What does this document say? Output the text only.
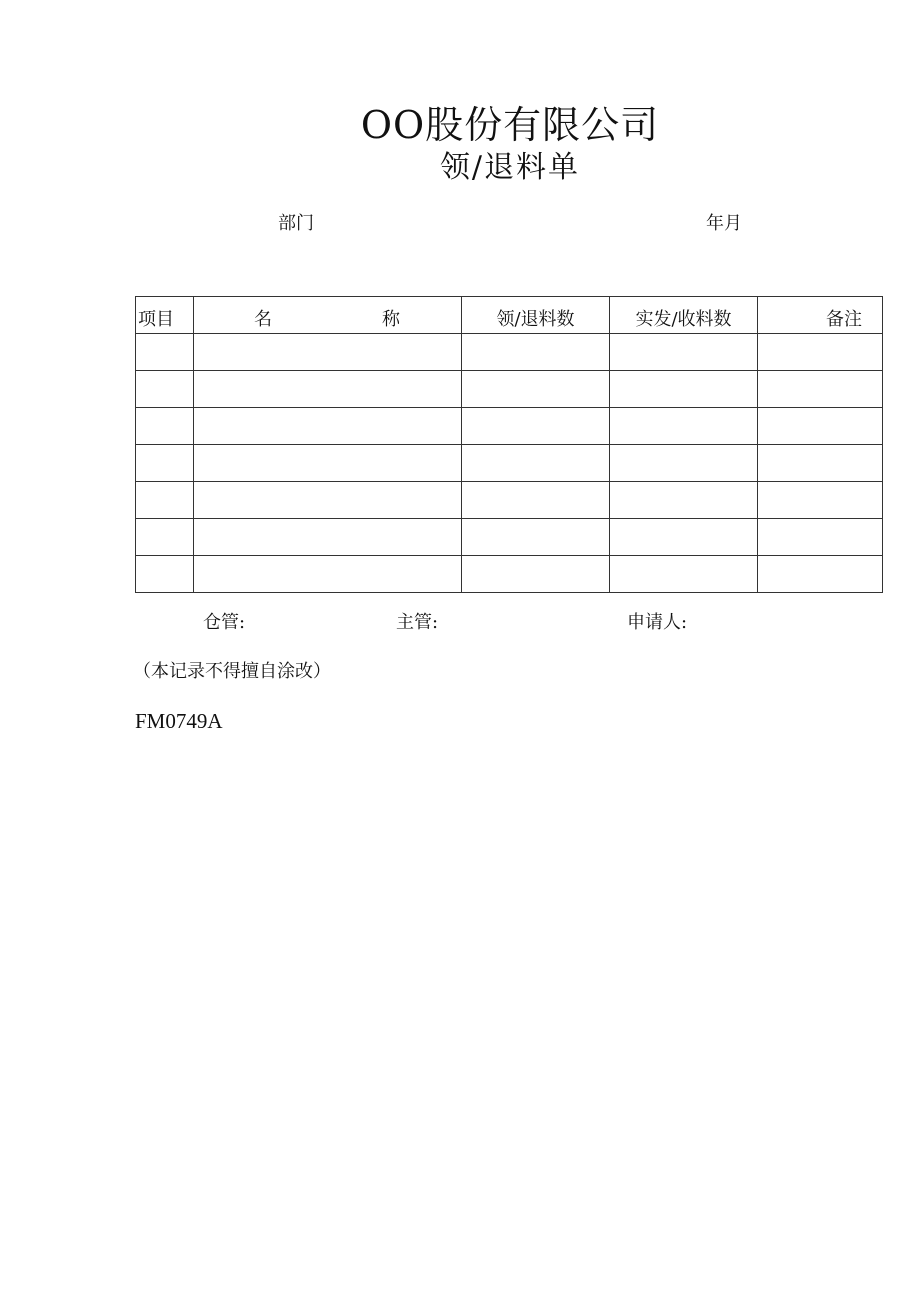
OO股份有限公司
领/退料单
部门	年月
项目	名 称	领/退料数	实发/收料数	备注

仓管:	主管:	申请人:
（本记录不得擅自涂改）
FM0749A
